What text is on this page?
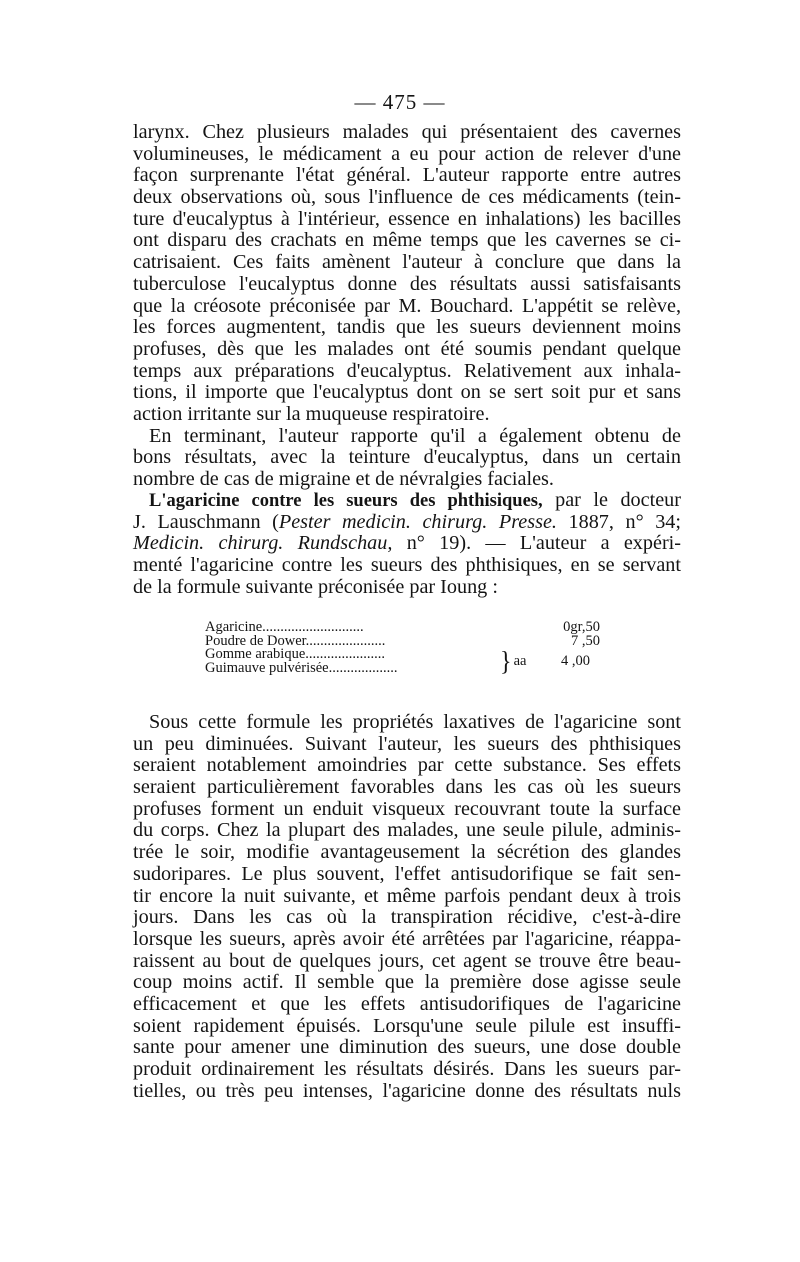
— 475 —
larynx. Chez plusieurs malades qui présentaient des cavernes
volumineuses, le médicament a eu pour action de relever d'une
façon surprenante l'état général. L'auteur rapporte entre autres
deux observations où, sous l'influence de ces médicaments (tein-
ture d'eucalyptus à l'intérieur, essence en inhalations) les bacilles
ont disparu des crachats en même temps que les cavernes se ci-
catrisaient. Ces faits amènent l'auteur à conclure que dans la
tuberculose l'eucalyptus donne des résultats aussi satisfaisants
que la créosote préconisée par M. Bouchard. L'appétit se relève,
les forces augmentent, tandis que les sueurs deviennent moins
profuses, dès que les malades ont été soumis pendant quelque
temps aux préparations d'eucalyptus. Relativement aux inhala-
tions, il importe que l'eucalyptus dont on se sert soit pur et sans
action irritante sur la muqueuse respiratoire.
En terminant, l'auteur rapporte qu'il a également obtenu de
bons résultats, avec la teinture d'eucalyptus, dans un certain
nombre de cas de migraine et de névralgies faciales.
L'agaricine contre les sueurs des phthisiques, par le docteur
J. Lauschmann (Pester medicin. chirurg. Presse. 1887, n° 34;
Medicin. chirurg. Rundschau, n° 19). — L'auteur a expéri-
menté l'agaricine contre les sueurs des phthisiques, en se servant
de la formule suivante préconisée par Ioung :
Agaricine............................	0gr,50
Poudre de Dower......................	7 ,50
Gomme arabique......................
Guimauve pulvérisée...................	} aa	4 ,00
Sous cette formule les propriétés laxatives de l'agaricine sont
un peu diminuées. Suivant l'auteur, les sueurs des phthisiques
seraient notablement amoindries par cette substance. Ses effets
seraient particulièrement favorables dans les cas où les sueurs
profuses forment un enduit visqueux recouvrant toute la surface
du corps. Chez la plupart des malades, une seule pilule, adminis-
trée le soir, modifie avantageusement la sécrétion des glandes
sudoripares. Le plus souvent, l'effet antisudorifique se fait sen-
tir encore la nuit suivante, et même parfois pendant deux à trois
jours. Dans les cas où la transpiration récidive, c'est-à-dire
lorsque les sueurs, après avoir été arrêtées par l'agaricine, réappa-
raissent au bout de quelques jours, cet agent se trouve être beau-
coup moins actif. Il semble que la première dose agisse seule
efficacement et que les effets antisudorifiques de l'agaricine
soient rapidement épuisés. Lorsqu'une seule pilule est insuffi-
sante pour amener une diminution des sueurs, une dose double
produit ordinairement les résultats désirés. Dans les sueurs par-
tielles, ou très peu intenses, l'agaricine donne des résultats nuls
